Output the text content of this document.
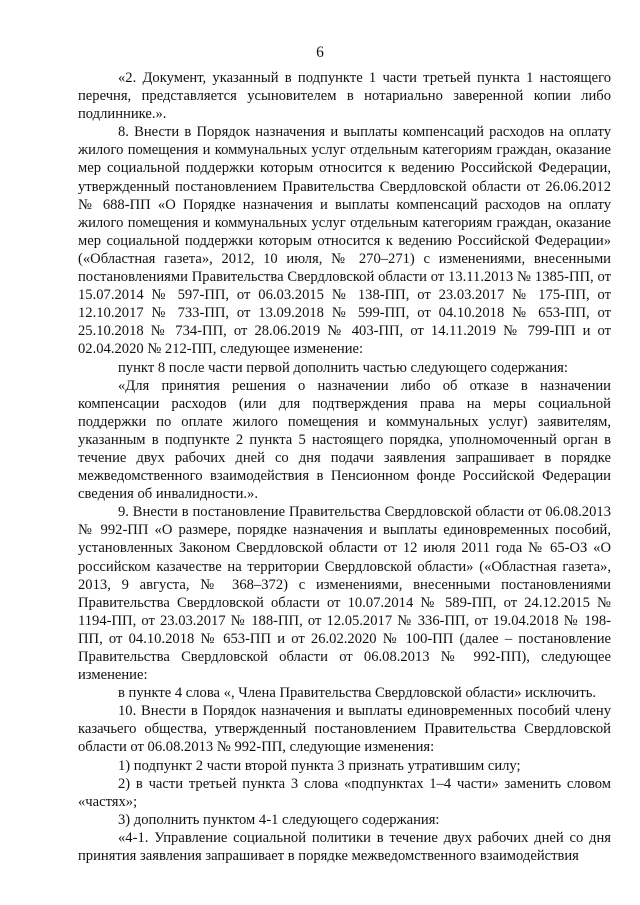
6

«2. Документ, указанный в подпункте 1 части третьей пункта 1 настоящего перечня, представляется усыновителем в нотариально заверенной копии либо подлиннике.».

8. Внести в Порядок назначения и выплаты компенсаций расходов на оплату жилого помещения и коммунальных услуг отдельным категориям граждан, оказание мер социальной поддержки которым относится к ведению Российской Федерации, утвержденный постановлением Правительства Свердловской области от 26.06.2012 № 688-ПП «О Порядке назначения и выплаты компенсаций расходов на оплату жилого помещения и коммунальных услуг отдельным категориям граждан, оказание мер социальной поддержки которым относится к ведению Российской Федерации» («Областная газета», 2012, 10 июля, № 270–271) с изменениями, внесенными постановлениями Правительства Свердловской области от 13.11.2013 № 1385-ПП, от 15.07.2014 № 597-ПП, от 06.03.2015 № 138-ПП, от 23.03.2017 № 175-ПП, от 12.10.2017 № 733-ПП, от 13.09.2018 № 599-ПП, от 04.10.2018 № 653-ПП, от 25.10.2018 № 734-ПП, от 28.06.2019 № 403-ПП, от 14.11.2019 № 799-ПП и от 02.04.2020 № 212-ПП, следующее изменение:

пункт 8 после части первой дополнить частью следующего содержания:

«Для принятия решения о назначении либо об отказе в назначении компенсации расходов (или для подтверждения права на меры социальной поддержки по оплате жилого помещения и коммунальных услуг) заявителям, указанным в подпункте 2 пункта 5 настоящего порядка, уполномоченный орган в течение двух рабочих дней со дня подачи заявления запрашивает в порядке межведомственного взаимодействия в Пенсионном фонде Российской Федерации сведения об инвалидности.».

9. Внести в постановление Правительства Свердловской области от 06.08.2013 № 992-ПП «О размере, порядке назначения и выплаты единовременных пособий, установленных Законом Свердловской области от 12 июля 2011 года № 65-ОЗ «О российском казачестве на территории Свердловской области» («Областная газета», 2013, 9 августа, № 368–372) с изменениями, внесенными постановлениями Правительства Свердловской области от 10.07.2014 № 589-ПП, от 24.12.2015 № 1194-ПП, от 23.03.2017 № 188-ПП, от 12.05.2017 № 336-ПП, от 19.04.2018 № 198-ПП, от 04.10.2018 № 653-ПП и от 26.02.2020 № 100-ПП (далее – постановление Правительства Свердловской области от 06.08.2013 № 992-ПП), следующее изменение:

в пункте 4 слова «, Члена Правительства Свердловской области» исключить.

10. Внести в Порядок назначения и выплаты единовременных пособий члену казачьего общества, утвержденный постановлением Правительства Свердловской области от 06.08.2013 № 992-ПП, следующие изменения:

1) подпункт 2 части второй пункта 3 признать утратившим силу;

2) в части третьей пункта 3 слова «подпунктах 1–4 части» заменить словом «частях»;

3) дополнить пунктом 4-1 следующего содержания:

«4-1. Управление социальной политики в течение двух рабочих дней со дня принятия заявления запрашивает в порядке межведомственного взаимодействия
